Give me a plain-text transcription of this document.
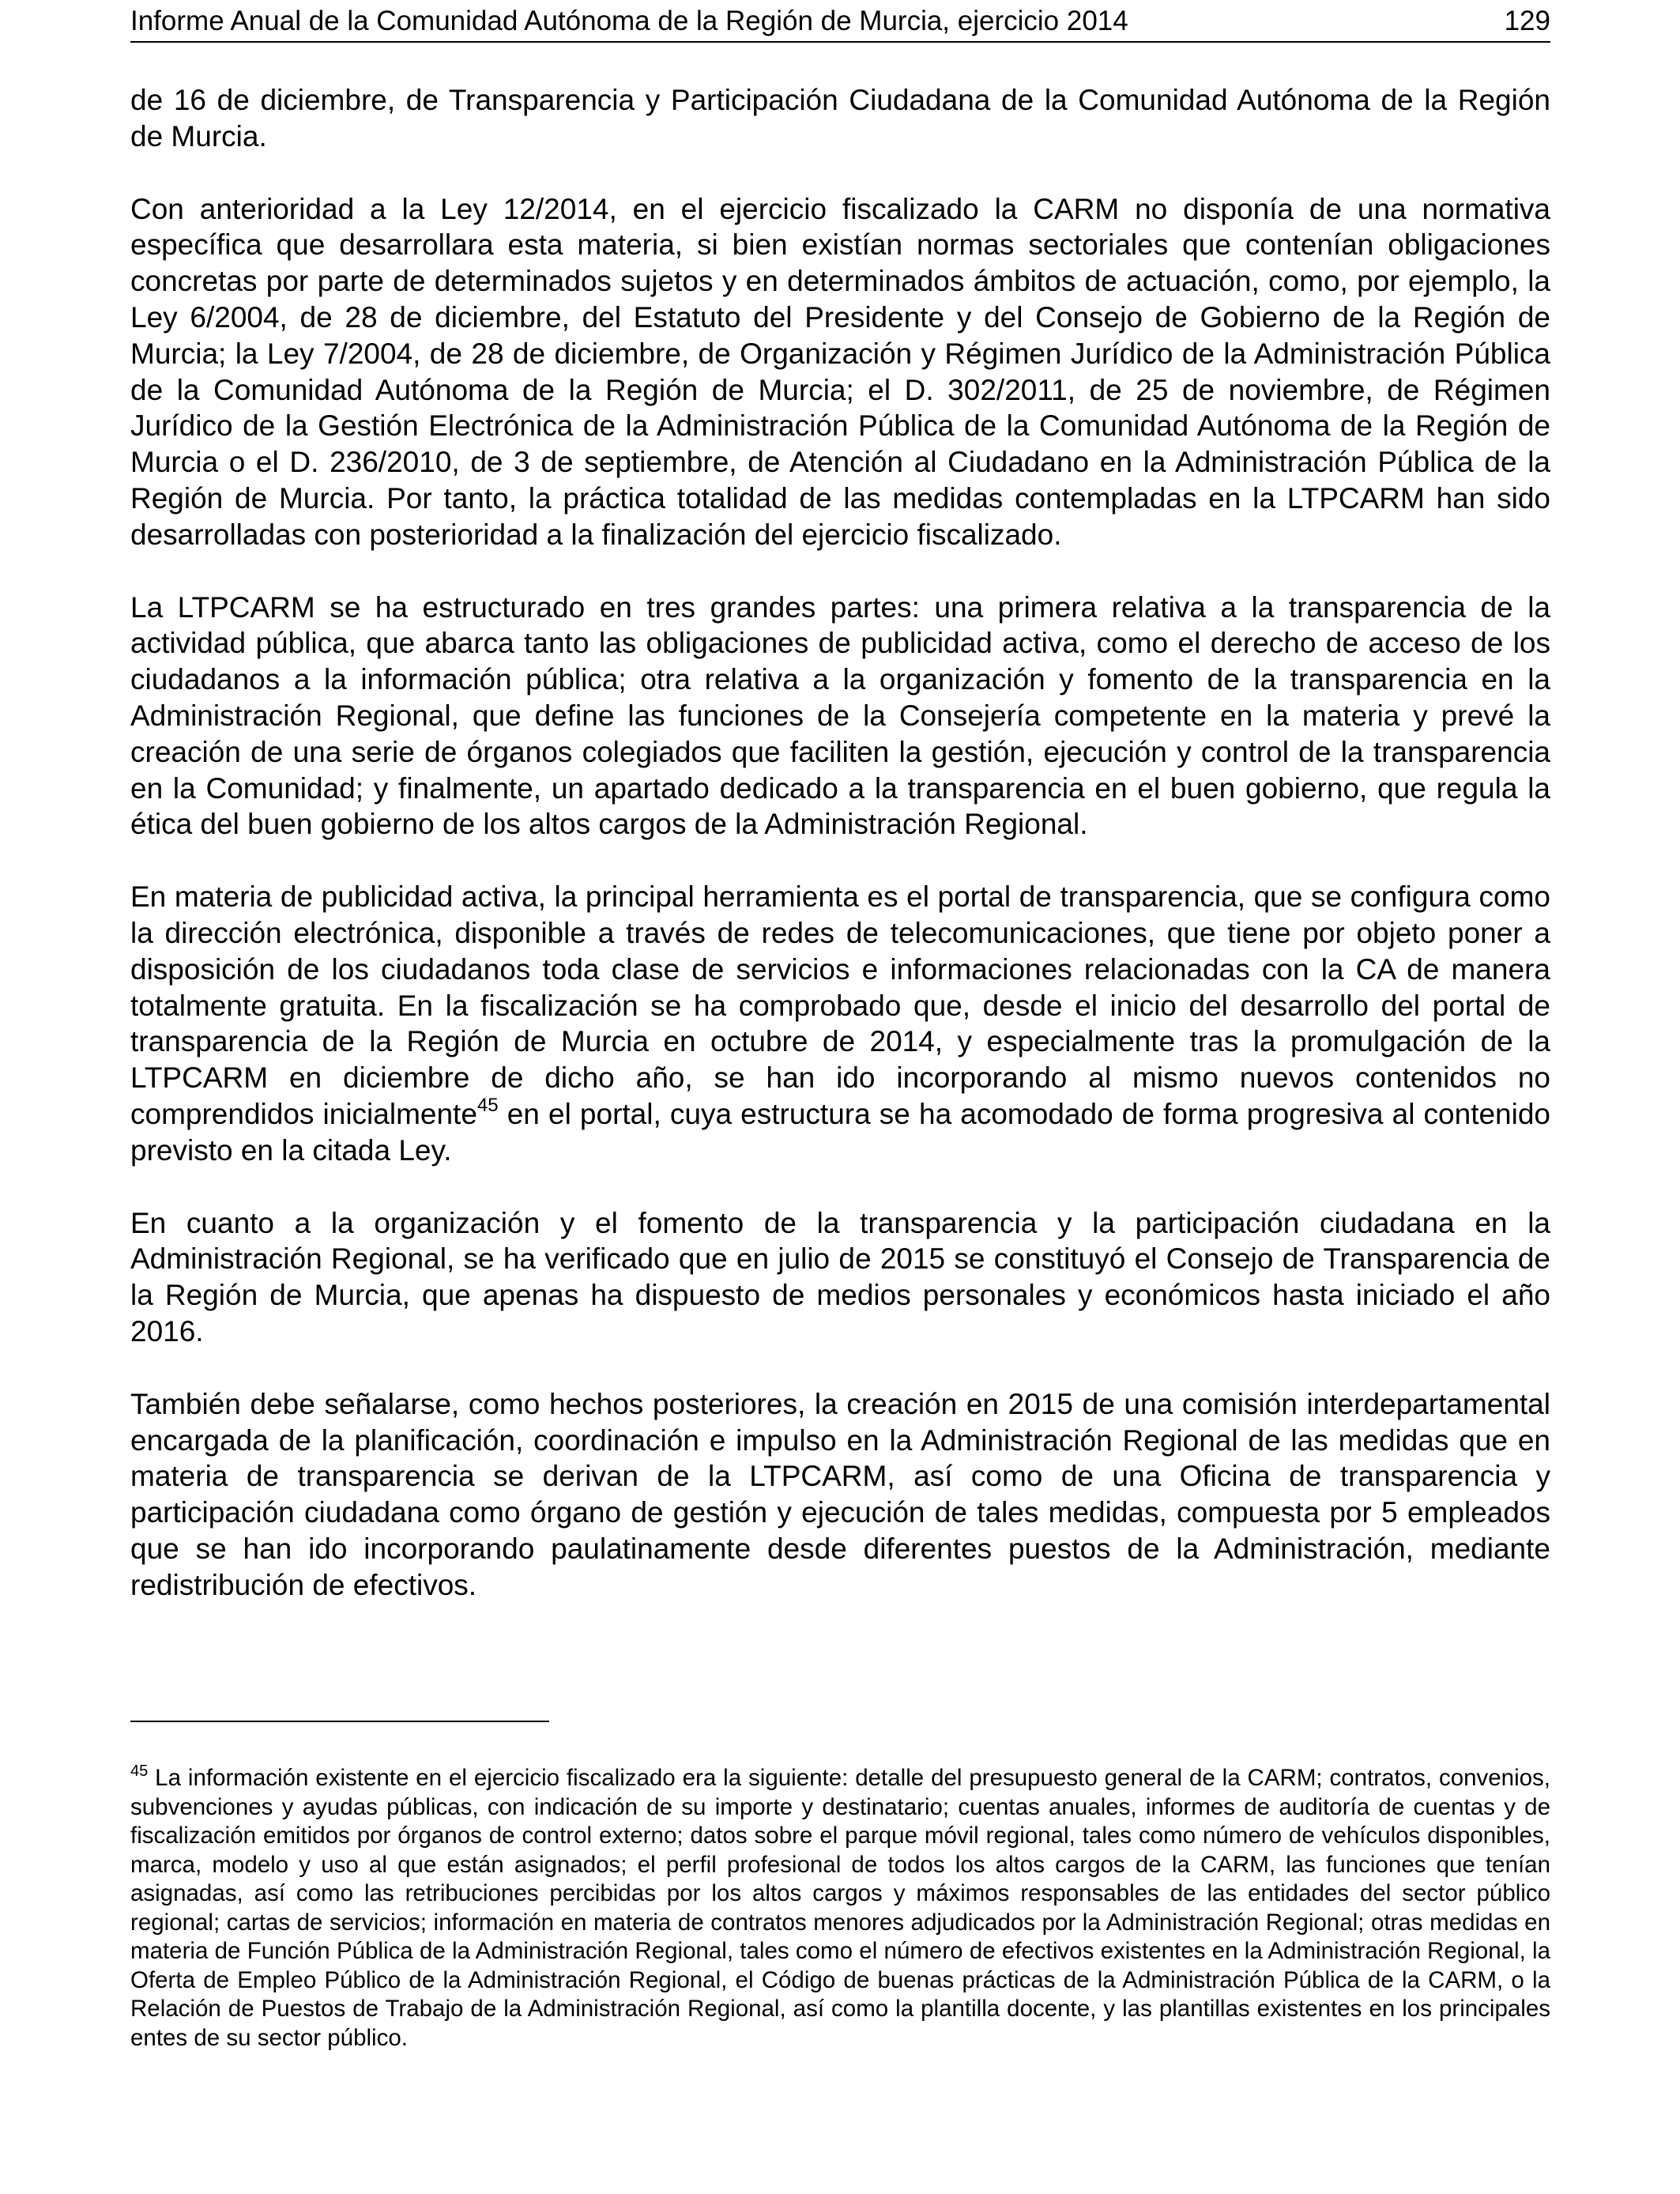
Informe Anual de la Comunidad Autónoma de la Región de Murcia, ejercicio 2014	129

de 16 de diciembre, de Transparencia y Participación Ciudadana de la Comunidad Autónoma de la Región de Murcia.

Con anterioridad a la Ley 12/2014, en el ejercicio fiscalizado la CARM no disponía de una normativa específica que desarrollara esta materia, si bien existían normas sectoriales que contenían obligaciones concretas por parte de determinados sujetos y en determinados ámbitos de actuación, como, por ejemplo, la Ley 6/2004, de 28 de diciembre, del Estatuto del Presidente y del Consejo de Gobierno de la Región de Murcia; la Ley 7/2004, de 28 de diciembre, de Organización y Régimen Jurídico de la Administración Pública de la Comunidad Autónoma de la Región de Murcia; el D. 302/2011, de 25 de noviembre, de Régimen Jurídico de la Gestión Electrónica de la Administración Pública de la Comunidad Autónoma de la Región de Murcia o el D. 236/2010, de 3 de septiembre, de Atención al Ciudadano en la Administración Pública de la Región de Murcia. Por tanto, la práctica totalidad de las medidas contempladas en la LTPCARM han sido desarrolladas con posterioridad a la finalización del ejercicio fiscalizado.

La LTPCARM se ha estructurado en tres grandes partes: una primera relativa a la transparencia de la actividad pública, que abarca tanto las obligaciones de publicidad activa, como el derecho de acceso de los ciudadanos a la información pública; otra relativa a la organización y fomento de la transparencia en la Administración Regional, que define las funciones de la Consejería competente en la materia y prevé la creación de una serie de órganos colegiados que faciliten la gestión, ejecución y control de la transparencia en la Comunidad; y finalmente, un apartado dedicado a la transparencia en el buen gobierno, que regula la ética del buen gobierno de los altos cargos de la Administración Regional.

En materia de publicidad activa, la principal herramienta es el portal de transparencia, que se configura como la dirección electrónica, disponible a través de redes de telecomunicaciones, que tiene por objeto poner a disposición de los ciudadanos toda clase de servicios e informaciones relacionadas con la CA de manera totalmente gratuita. En la fiscalización se ha comprobado que, desde el inicio del desarrollo del portal de transparencia de la Región de Murcia en octubre de 2014, y especialmente tras la promulgación de la LTPCARM en diciembre de dicho año, se han ido incorporando al mismo nuevos contenidos no comprendidos inicialmente$^{45}$ en el portal, cuya estructura se ha acomodado de forma progresiva al contenido previsto en la citada Ley.

En cuanto a la organización y el fomento de la transparencia y la participación ciudadana en la Administración Regional, se ha verificado que en julio de 2015 se constituyó el Consejo de Transparencia de la Región de Murcia, que apenas ha dispuesto de medios personales y económicos hasta iniciado el año 2016.

También debe señalarse, como hechos posteriores, la creación en 2015 de una comisión interdepartamental encargada de la planificación, coordinación e impulso en la Administración Regional de las medidas que en materia de transparencia se derivan de la LTPCARM, así como de una Oficina de transparencia y participación ciudadana como órgano de gestión y ejecución de tales medidas, compuesta por 5 empleados que se han ido incorporando paulatinamente desde diferentes puestos de la Administración, mediante redistribución de efectivos.

$^{45}$ La información existente en el ejercicio fiscalizado era la siguiente: detalle del presupuesto general de la CARM; contratos, convenios, subvenciones y ayudas públicas, con indicación de su importe y destinatario; cuentas anuales, informes de auditoría de cuentas y de fiscalización emitidos por órganos de control externo; datos sobre el parque móvil regional, tales como número de vehículos disponibles, marca, modelo y uso al que están asignados; el perfil profesional de todos los altos cargos de la CARM, las funciones que tenían asignadas, así como las retribuciones percibidas por los altos cargos y máximos responsables de las entidades del sector público regional; cartas de servicios; información en materia de contratos menores adjudicados por la Administración Regional; otras medidas en materia de Función Pública de la Administración Regional, tales como el número de efectivos existentes en la Administración Regional, la Oferta de Empleo Público de la Administración Regional, el Código de buenas prácticas de la Administración Pública de la CARM, o la Relación de Puestos de Trabajo de la Administración Regional, así como la plantilla docente, y las plantillas existentes en los principales entes de su sector público.
